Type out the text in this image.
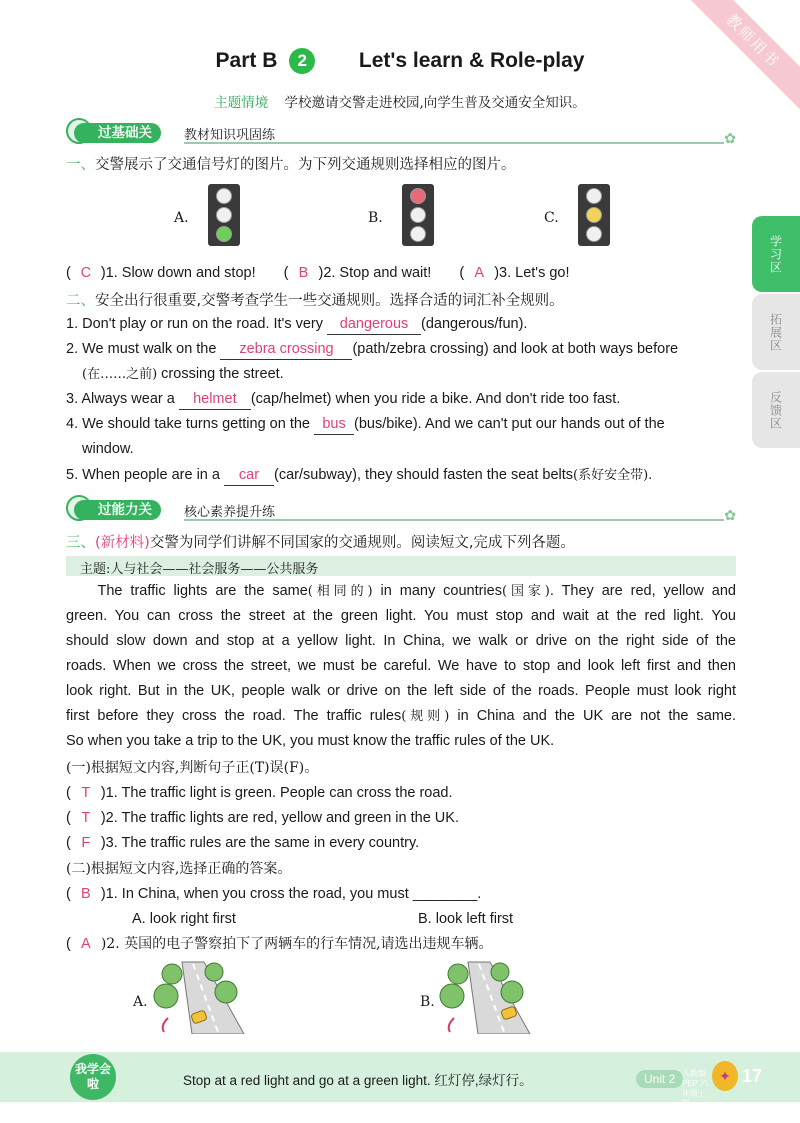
教师用书
Part B 2 Let's learn & Role-play
主题情境 学校邀请交警走进校园,向学生普及交通安全知识。
过基础关	教材知识巩固练	✿
一、交警展示了交通信号灯的图片。为下列交通规则选择相应的图片。
A.	B.	C.
( C )1. Slow down and stop! ( B )2. Stop and wait! ( A )3. Let's go!
二、安全出行很重要,交警考查学生一些交通规则。选择合适的词汇补全规则。
1. Don't play or run on the road. It's very dangerous (dangerous/fun).
2. We must walk on the zebra crossing (path/zebra crossing) and look at both ways before
(在……之前) crossing the street.
3. Always wear a helmet (cap/helmet) when you ride a bike. And don't ride too fast.
4. We should take turns getting on the bus (bus/bike). And we can't put our hands out of the
window.
5. When people are in a car (car/subway), they should fasten the seat belts(系好安全带).
过能力关	核心素养提升练	✿
三、(新材料)交警为同学们讲解不同国家的交通规则。阅读短文,完成下列各题。
主题:人与社会——社会服务——公共服务
The traffic lights are the same(相同的) in many countries(国家). They are red, yellow and
green. You can cross the street at the green light. You must stop and wait at the red light. You
should slow down and stop at a yellow light. In China, we walk or drive on the right side of the
roads. When we cross the street, we must be careful. We have to stop and look left first and then
look right. But in the UK, people walk or drive on the left side of the roads. People must look right
first before they cross the road. The traffic rules(规则) in China and the UK are not the same.
So when you take a trip to the UK, you must know the traffic rules of the UK.
(一)根据短文内容,判断句子正(T)误(F)。
( T )1. The traffic light is green. People can cross the road.
( T )2. The traffic lights are red, yellow and green in the UK.
( F )3. The traffic rules are the same in every country.
(二)根据短文内容,选择正确的答案。
( B )1. In China, when you cross the road, you must ________.
A. look right first	B. look left first
( A )2. 英国的电子警察拍下了两辆车的行车情况,请选出违规车辆。
A.	B.
学习区
拓展区
反馈区
我学会啦	Stop at a red light and go at a green light. 红灯停,绿灯行。	Unit 2 人教版PEP 六年级上册
✦ 17
